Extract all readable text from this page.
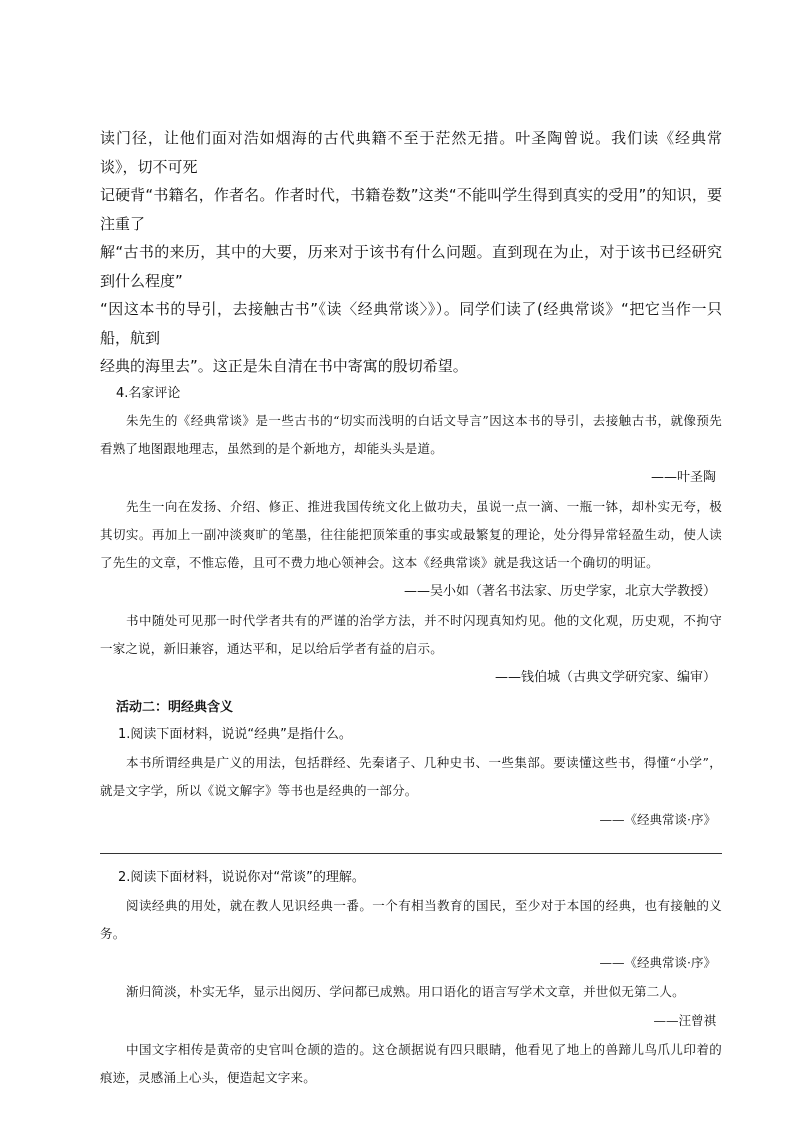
读门径，让他们面对浩如烟海的古代典籍不至于茫然无措。叶圣陶曾说。我们读《经典常谈》，切不可死

记硬背“书籍名，作者名。作者时代，书籍卷数”这类“不能叫学生得到真实的受用”的知识，要注重了

解“古书的来历，其中的大要，历来对于该书有什么问题。直到现在为止，对于该书已经研究到什么程度”

“因这本书的导引，去接触古书”《读〈经典常谈〉》）。同学们读了(经典常谈》“把它当作一只船，航到

经典的海里去”。这正是朱自清在书中寄寓的殷切希望。

4.名家评论

朱先生的《经典常谈》是一些古书的“切实而浅明的白话文导言”因这本书的导引，去接触古书，就像预先看熟了地图跟地理志，虽然到的是个新地方，却能头头是道。

——叶圣陶

先生一向在发扬、介绍、修正、推进我国传统文化上做功夫，虽说一点一滴、一瓶一钵，却朴实无夸，极其切实。再加上一副冲淡爽旷的笔墨，往往能把顶笨重的事实或最繁复的理论，处分得异常轻盈生动，使人读了先生的文章，不惟忘倦，且可不费力地心领神会。这本《经典常谈》就是我这话一个确切的明证。

——吴小如（著名书法家、历史学家，北京大学教授）

书中随处可见那一时代学者共有的严谨的治学方法，并不时闪现真知灼见。他的文化观，历史观，不拘守一家之说，新旧兼容，通达平和，足以给后学者有益的启示。

——钱伯城（古典文学研究家、编审）

活动二：明经典含义

1.阅读下面材料，说说“经典”是指什么。

本书所谓经典是广义的用法，包括群经、先秦诸子、几种史书、一些集部。要读懂这些书，得懂“小学”，就是文字学，所以《说文解字》等书也是经典的一部分。

——《经典常谈·序》

2.阅读下面材料，说说你对“常谈”的理解。

阅读经典的用处，就在教人见识经典一番。一个有相当教育的国民，至少对于本国的经典，也有接触的义务。

——《经典常谈·序》

渐归简淡，朴实无华，显示出阅历、学问都已成熟。用口语化的语言写学术文章，并世似无第二人。

——汪曾祺

中国文字相传是黄帝的史官叫仓颉的造的。这仓颉据说有四只眼睛，他看见了地上的兽蹄儿鸟爪儿印着的痕迹，灵感涌上心头，便造起文字来。
